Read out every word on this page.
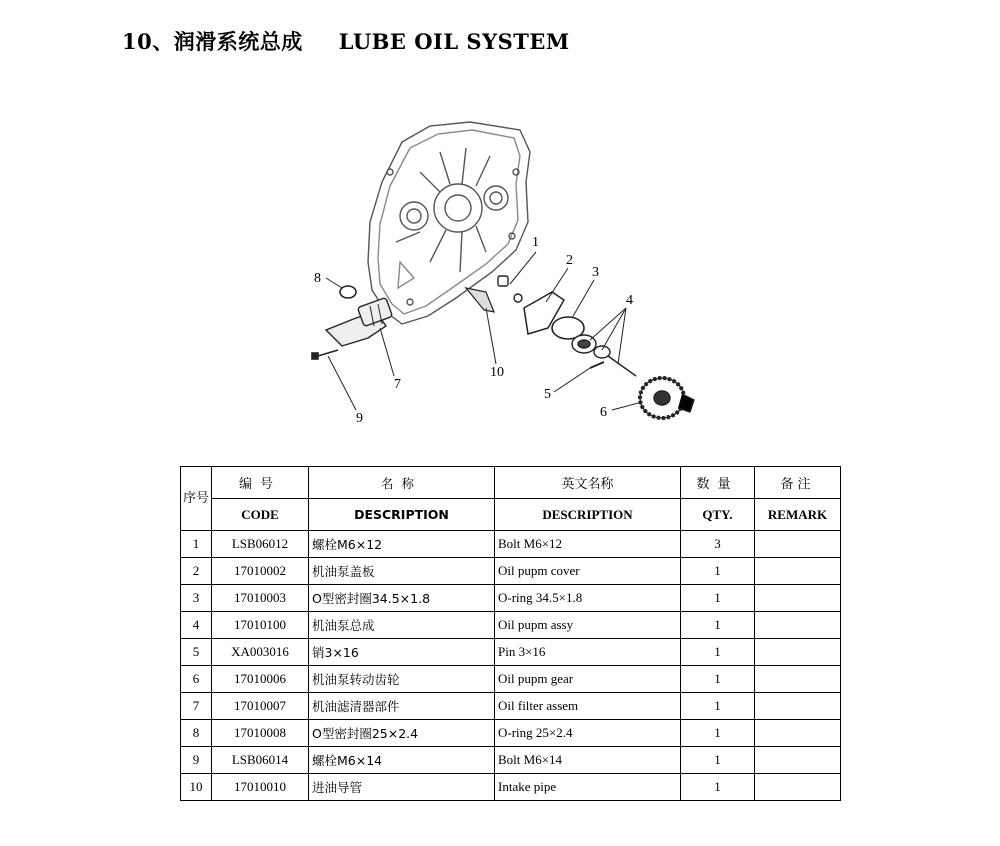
10、润滑系统总成 LUBE OIL SYSTEM
1
2
3
4
5
6
7
8
9
10
序号	编号	名称	英文名称	数量	备注
	CODE	DESCRIPTION	DESCRIPTION	QTY.	REMARK
1	LSB06012	螺栓M6×12	Bolt M6×12	3	
2	17010002	机油泵盖板	Oil pupm cover	1	
3	17010003	O型密封圈34.5×1.8	O-ring 34.5×1.8	1	
4	17010100	机油泵总成	Oil pupm assy	1	
5	XA003016	销3×16	Pin 3×16	1	
6	17010006	机油泵转动齿轮	Oil pupm gear	1	
7	17010007	机油滤清器部件	Oil filter assem	1	
8	17010008	O型密封圈25×2.4	O-ring 25×2.4	1	
9	LSB06014	螺栓M6×14	Bolt M6×14	1	
10	17010010	进油导管	Intake pipe	1	
